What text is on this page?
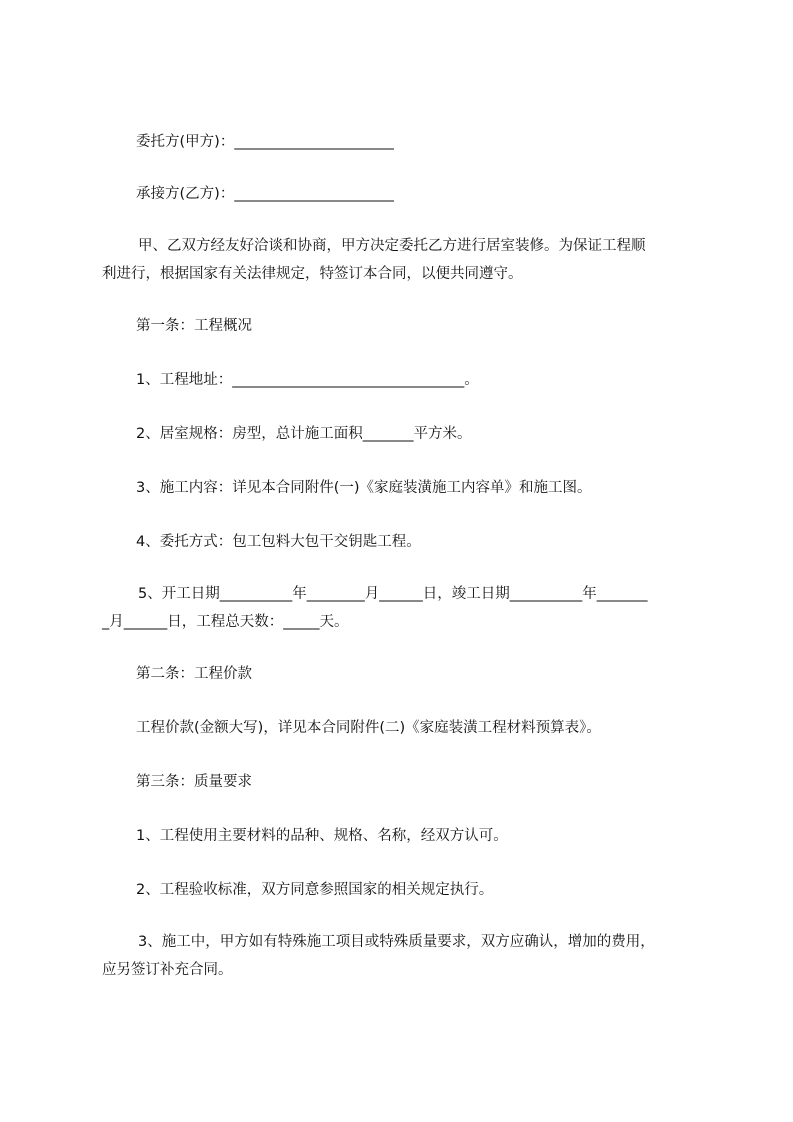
委托方(甲方)：______________________

承接方(乙方)：______________________

甲、乙双方经友好洽谈和协商，甲方决定委托乙方进行居室装修。为保证工程顺

利进行，根据国家有关法律规定，特签订本合同，以便共同遵守。

第一条：工程概况

1、工程地址：________________________________。

2、居室规格：房型，总计施工面积_______平方米。

3、施工内容：详见本合同附件(一)《家庭装潢施工内容单》和施工图。

4、委托方式：包工包料大包干交钥匙工程。

5、开工日期__________年________月______日，竣工日期__________年_______

_月______日，工程总天数：_____天。

第二条：工程价款

工程价款(金额大写)，详见本合同附件(二)《家庭装潢工程材料预算表》。

第三条：质量要求

1、工程使用主要材料的品种、规格、名称，经双方认可。

2、工程验收标准，双方同意参照国家的相关规定执行。

3、施工中，甲方如有特殊施工项目或特殊质量要求，双方应确认，增加的费用，

应另签订补充合同。
